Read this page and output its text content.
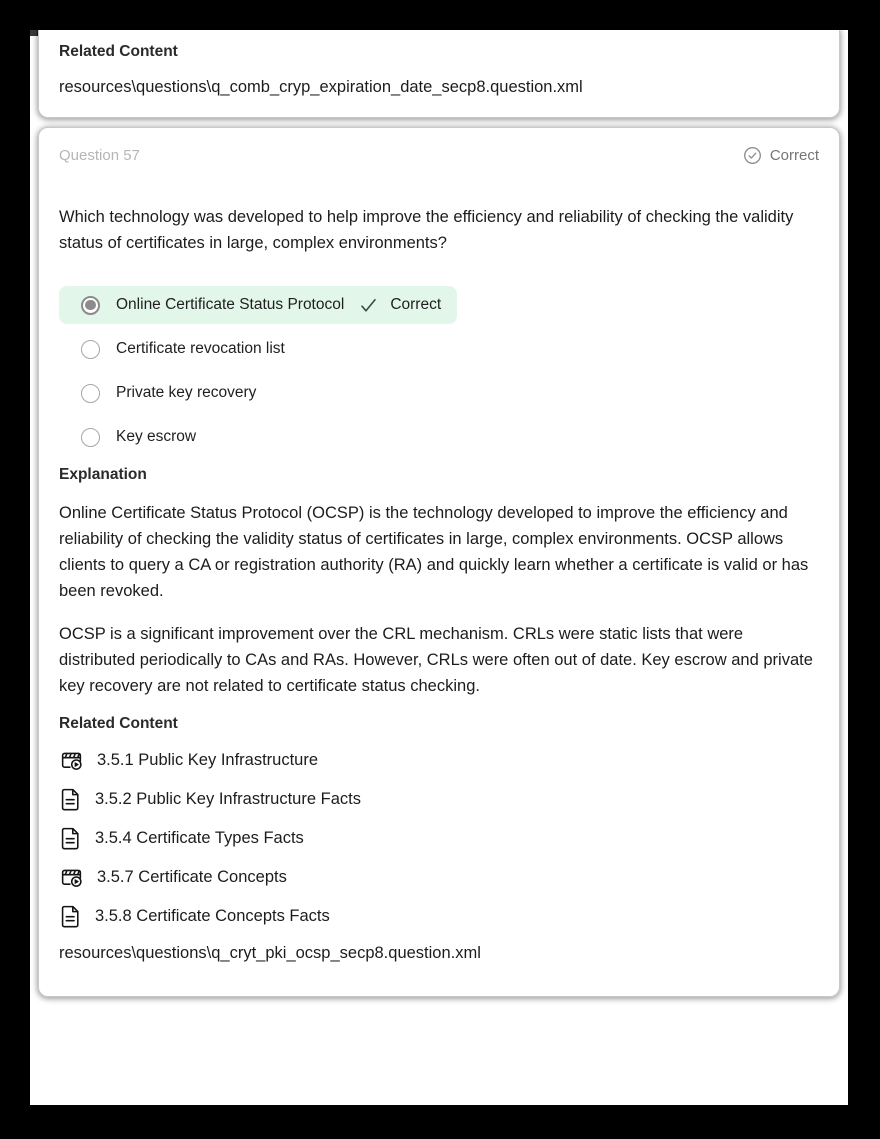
Related Content
resources\questions\q_comb_cryp_expiration_date_secp8.question.xml
Question 57	Correct

Which technology was developed to help improve the efficiency and reliability of checking the validity status of certificates in large, complex environments?

Online Certificate Status Protocol	Correct
Certificate revocation list
Private key recovery
Key escrow
Explanation

Online Certificate Status Protocol (OCSP) is the technology developed to improve the efficiency and reliability of checking the validity status of certificates in large, complex environments. OCSP allows clients to query a CA or registration authority (RA) and quickly learn whether a certificate is valid or has been revoked.

OCSP is a significant improvement over the CRL mechanism. CRLs were static lists that were distributed periodically to CAs and RAs. However, CRLs were often out of date. Key escrow and private key recovery are not related to certificate status checking.

Related Content
3.5.1 Public Key Infrastructure
3.5.2 Public Key Infrastructure Facts
3.5.4 Certificate Types Facts
3.5.7 Certificate Concepts
3.5.8 Certificate Concepts Facts
resources\questions\q_cryt_pki_ocsp_secp8.question.xml
